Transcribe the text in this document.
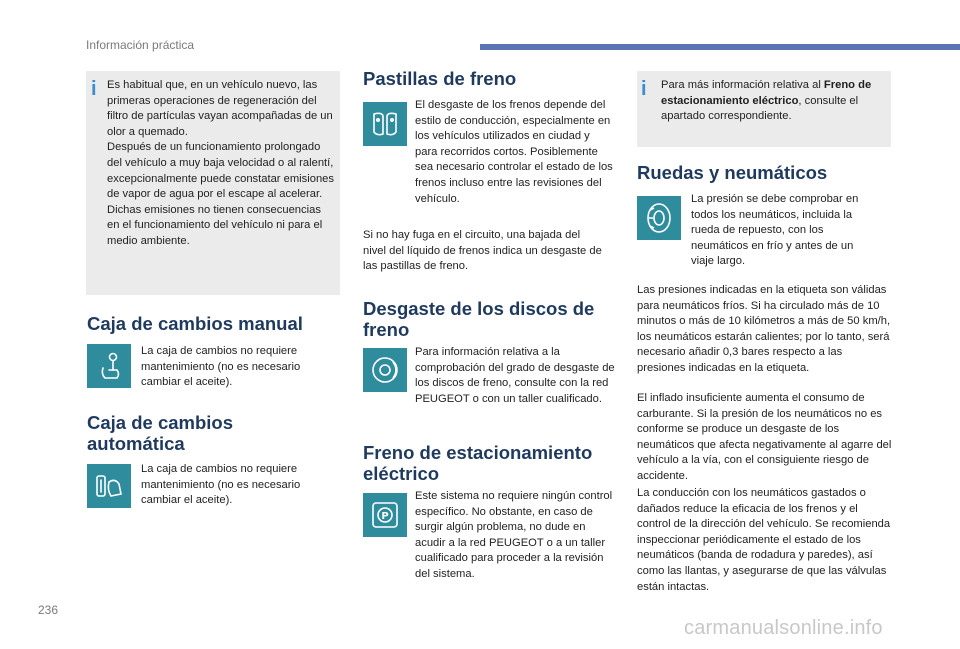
Información práctica
i Es habitual que, en un vehículo nuevo, las primeras operaciones de regeneración del filtro de partículas vayan acompañadas de un olor a quemado.

Después de un funcionamiento prolongado del vehículo a muy baja velocidad o al ralentí, excepcionalmente puede constatar emisiones de vapor de agua por el escape al acelerar. Dichas emisiones no tienen consecuencias en el funcionamiento del vehículo ni para el medio ambiente.

Caja de cambios manual

La caja de cambios no requiere mantenimiento (no es necesario cambiar el aceite).

Caja de cambios automática

La caja de cambios no requiere mantenimiento (no es necesario cambiar el aceite).

Pastillas de freno

El desgaste de los frenos depende del estilo de conducción, especialmente en los vehículos utilizados en ciudad y para recorridos cortos. Posiblemente sea necesario controlar el estado de los frenos incluso entre las revisiones del vehículo.

Si no hay fuga en el circuito, una bajada del nivel del líquido de frenos indica un desgaste de las pastillas de freno.

Desgaste de los discos de freno

Para información relativa a la comprobación del grado de desgaste de los discos de freno, consulte con la red PEUGEOT o con un taller cualificado.

Freno de estacionamiento eléctrico
P

Este sistema no requiere ningún control específico. No obstante, en caso de surgir algún problema, no dude en acudir a la red PEUGEOT o a un taller cualificado para proceder a la revisión del sistema.

i Para más información relativa al Freno de estacionamiento eléctrico, consulte el apartado correspondiente.

Ruedas y neumáticos

La presión se debe comprobar en todos los neumáticos, incluida la rueda de repuesto, con los neumáticos en frío y antes de un viaje largo.

Las presiones indicadas en la etiqueta son válidas para neumáticos fríos. Si ha circulado más de 10 minutos o más de 10 kilómetros a más de 50 km/h, los neumáticos estarán calientes; por lo tanto, será necesario añadir 0,3 bares respecto a las presiones indicadas en la etiqueta.

El inflado insuficiente aumenta el consumo de carburante. Si la presión de los neumáticos no es conforme se produce un desgaste de los neumáticos que afecta negativamente al agarre del vehículo a la vía, con el consiguiente riesgo de accidente.

La conducción con los neumáticos gastados o dañados reduce la eficacia de los frenos y el control de la dirección del vehículo. Se recomienda inspeccionar periódicamente el estado de los neumáticos (banda de rodadura y paredes), así como las llantas, y asegurarse de que las válvulas están intactas.

236
carmanualsonline.info
